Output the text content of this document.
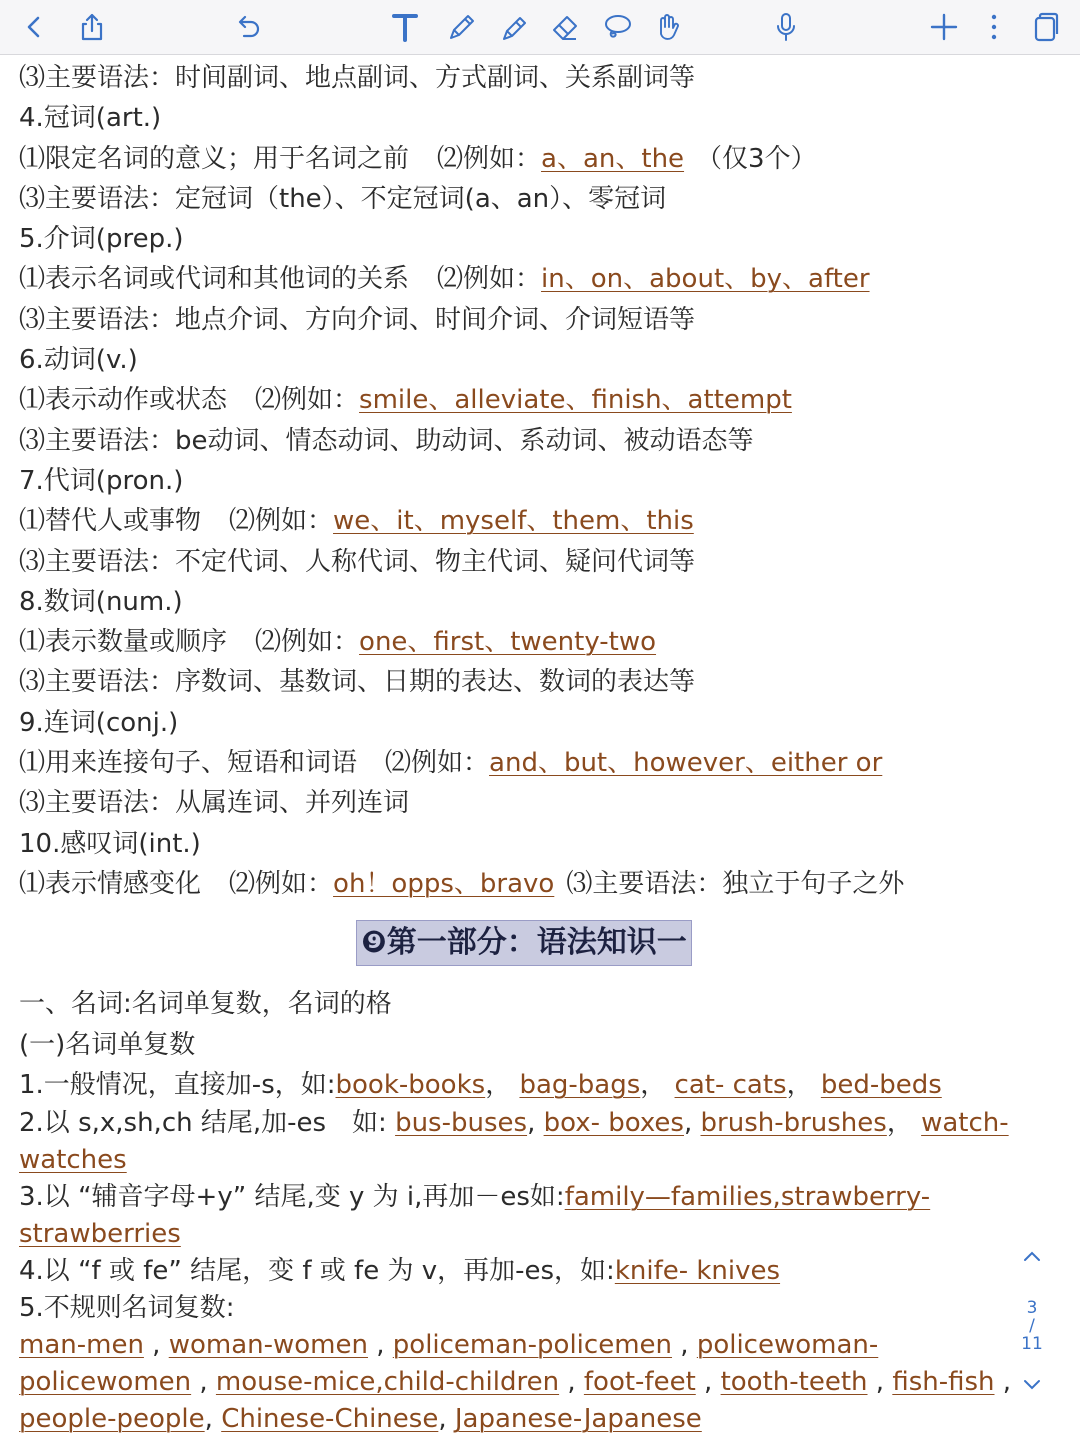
⑶主要语法：时间副词、地点副词、方式副词、关系副词等
4.冠词(art.)
⑴限定名词的意义；用于名词之前 ⑵例如：a、an、the （仅3个）
⑶主要语法：定冠词（the）、不定冠词(a、an）、零冠词
5.介词(prep.)
⑴表示名词或代词和其他词的关系 ⑵例如：in、on、about、by、after
⑶主要语法：地点介词、方向介词、时间介词、介词短语等
6.动词(v.)
⑴表示动作或状态 ⑵例如：smile、alleviate、finish、attempt
⑶主要语法：be动词、情态动词、助动词、系动词、被动语态等
7.代词(pron.)
⑴替代人或事物 ⑵例如：we、it、myself、them、this
⑶主要语法：不定代词、人称代词、物主代词、疑问代词等
8.数词(num.)
⑴表示数量或顺序 ⑵例如：one、first、twenty-two
⑶主要语法：序数词、基数词、日期的表达、数词的表达等
9.连词(conj.)
⑴用来连接句子、短语和词语 ⑵例如：and、but、however、either or
⑶主要语法：从属连词、并列连词
10.感叹词(int.)
⑴表示情感变化 ⑵例如：oh！opps、bravo ⑶主要语法：独立于句子之外
❾第一部分：语法知识一
一、名词:名词单复数，名词的格
(一)名词单复数
1.一般情况，直接加-s，如:book-books， bag-bags， cat- cats， bed-beds
2.以 s,x,sh,ch 结尾,加-es　如: bus-buses, box- boxes, brush-brushes， watch-
watches
3.以 “辅音字母+y” 结尾,变 y 为 i,再加－es如:family—families,strawberry-
strawberries
4.以 “f 或 fe” 结尾，变 f 或 fe 为 v，再加-es，如:knife- knives
5.不规则名词复数:
man-men , woman-women , policeman-policemen , policewoman-
policewomen , mouse-mice,child-children , foot-feet , tooth-teeth , fish-fish ,
people-people, Chinese-Chinese, Japanese-Japanese
3
/
11
